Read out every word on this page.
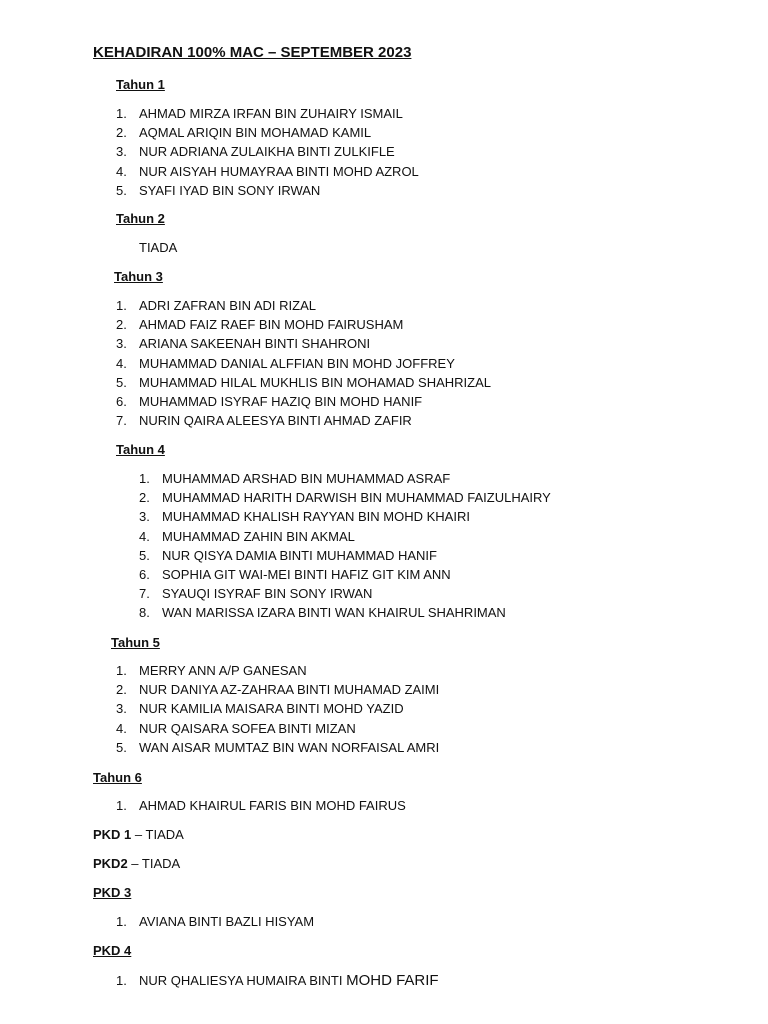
KEHADIRAN 100% MAC – SEPTEMBER 2023
Tahun 1
1. AHMAD MIRZA IRFAN BIN ZUHAIRY ISMAIL
2. AQMAL ARIQIN BIN MOHAMAD KAMIL
3. NUR ADRIANA ZULAIKHA BINTI ZULKIFLE
4. NUR AISYAH HUMAYRAA BINTI MOHD AZROL
5. SYAFI IYAD BIN SONY IRWAN
Tahun 2
TIADA
Tahun 3
1. ADRI ZAFRAN BIN ADI RIZAL
2. AHMAD FAIZ RAEF BIN MOHD FAIRUSHAM
3. ARIANA SAKEENAH BINTI SHAHRONI
4. MUHAMMAD DANIAL ALFFIAN BIN MOHD JOFFREY
5. MUHAMMAD HILAL MUKHLIS BIN MOHAMAD SHAHRIZAL
6. MUHAMMAD ISYRAF HAZIQ BIN MOHD HANIF
7. NURIN QAIRA ALEESYA BINTI AHMAD ZAFIR
Tahun 4
1. MUHAMMAD ARSHAD BIN MUHAMMAD ASRAF
2. MUHAMMAD HARITH DARWISH BIN MUHAMMAD FAIZULHAIRY
3. MUHAMMAD KHALISH RAYYAN BIN MOHD KHAIRI
4. MUHAMMAD ZAHIN BIN AKMAL
5. NUR QISYA DAMIA BINTI MUHAMMAD HANIF
6. SOPHIA GIT WAI-MEI BINTI HAFIZ GIT KIM ANN
7. SYAUQI ISYRAF BIN SONY IRWAN
8. WAN MARISSA IZARA BINTI WAN KHAIRUL SHAHRIMAN
Tahun 5
1. MERRY ANN A/P GANESAN
2. NUR DANIYA AZ-ZAHRAA BINTI MUHAMAD ZAIMI
3. NUR KAMILIA MAISARA BINTI MOHD YAZID
4. NUR QAISARA SOFEA BINTI MIZAN
5. WAN AISAR MUMTAZ BIN WAN NORFAISAL AMRI
Tahun 6
1. AHMAD KHAIRUL FARIS BIN MOHD FAIRUS
PKD 1 – TIADA
PKD2 – TIADA
PKD 3
1. AVIANA BINTI BAZLI HISYAM
PKD 4
1. NUR QHALIESYA HUMAIRA BINTI MOHD FARIF
